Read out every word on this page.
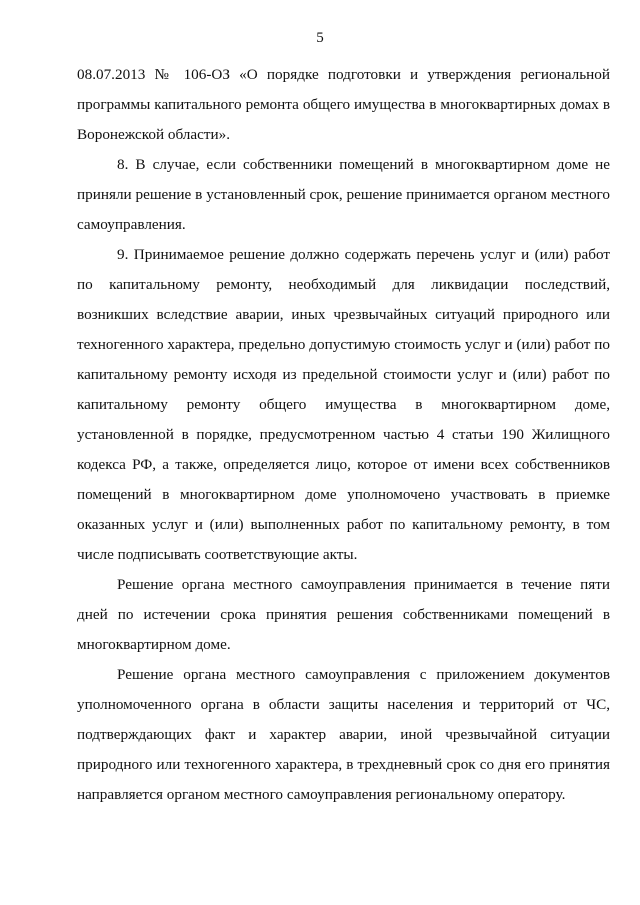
5

08.07.2013 № 106-ОЗ «О порядке подготовки и утверждения региональной программы капитального ремонта общего имущества в многоквартирных домах в Воронежской области».

8. В случае, если собственники помещений в многоквартирном доме не приняли решение в установленный срок, решение принимается органом местного самоуправления.

9. Принимаемое решение должно содержать перечень услуг и (или) работ по капитальному ремонту, необходимый для ликвидации последствий, возникших вследствие аварии, иных чрезвычайных ситуаций природного или техногенного характера, предельно допустимую стоимость услуг и (или) работ по капитальному ремонту исходя из предельной стоимости услуг и (или) работ по капитальному ремонту общего имущества в многоквартирном доме, установленной в порядке, предусмотренном частью 4 статьи 190 Жилищного кодекса РФ, а также, определяется лицо, которое от имени всех собственников помещений в многоквартирном доме уполномочено участвовать в приемке оказанных услуг и (или) выполненных работ по капитальному ремонту, в том числе подписывать соответствующие акты.

Решение органа местного самоуправления принимается в течение пяти дней по истечении срока принятия решения собственниками помещений в многоквартирном доме.

Решение органа местного самоуправления с приложением документов уполномоченного органа в области защиты населения и территорий от ЧС, подтверждающих факт и характер аварии, иной чрезвычайной ситуации природного или техногенного характера, в трехдневный срок со дня его принятия направляется органом местного самоуправления региональному оператору.
